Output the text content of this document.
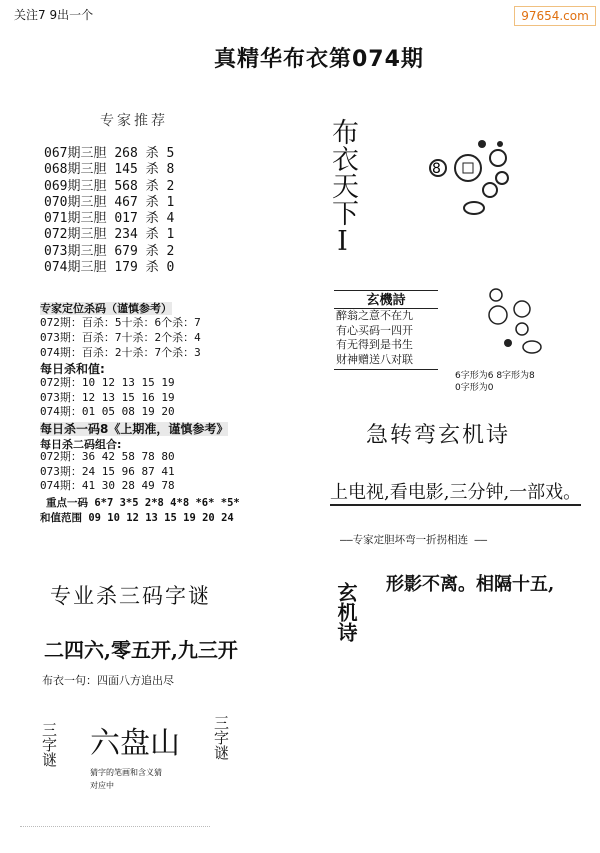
关注7 9出一个	97654.com
真精华布衣第074期
专家推荐
067期三胆 268 杀 5
068期三胆 145 杀 8
069期三胆 568 杀 2
070期三胆 467 杀 1
071期三胆 017 杀 4
072期三胆 234 杀 1
073期三胆 679 杀 2
074期三胆 179 杀 0
专家定位杀码（谨慎参考）
072期：百杀：5十杀：6个杀：7
073期：百杀：7十杀：2个杀：4
074期：百杀：2十杀：7个杀：3
每日杀和值:
072期：10 12 13 15 19
073期：12 13 15 16 19
074期：01 05 08 19 20
每日杀一码8《上期准，谨慎参考》
每日杀二码组合:
072期：36 42 58 78 80
073期：24 15 96 87 41
074期：41 30 28 49 78
重点一码 6*7 3*5 2*8 4*8 *6* *5*
和值范围 09 10 12 13 15 19 20 24
专业杀三码字谜
二四六,零五开,九三开
布衣一句：四面八方追出尽
三字谜 六盘山
猜字的笔画和含义猜
对应中
三字谜
布衣天下I	8
玄機詩
醉翁之意不在九
有心买码一四开
有无得到是书生
财神赠送八对联
6字形为6 8字形为8
0字形为0
急转弯玄机诗
上电视,看电影,三分钟,一部戏。
——专家定胆坏弯一折拐相连 ——
玄机诗 形影不离。相隔十五,
